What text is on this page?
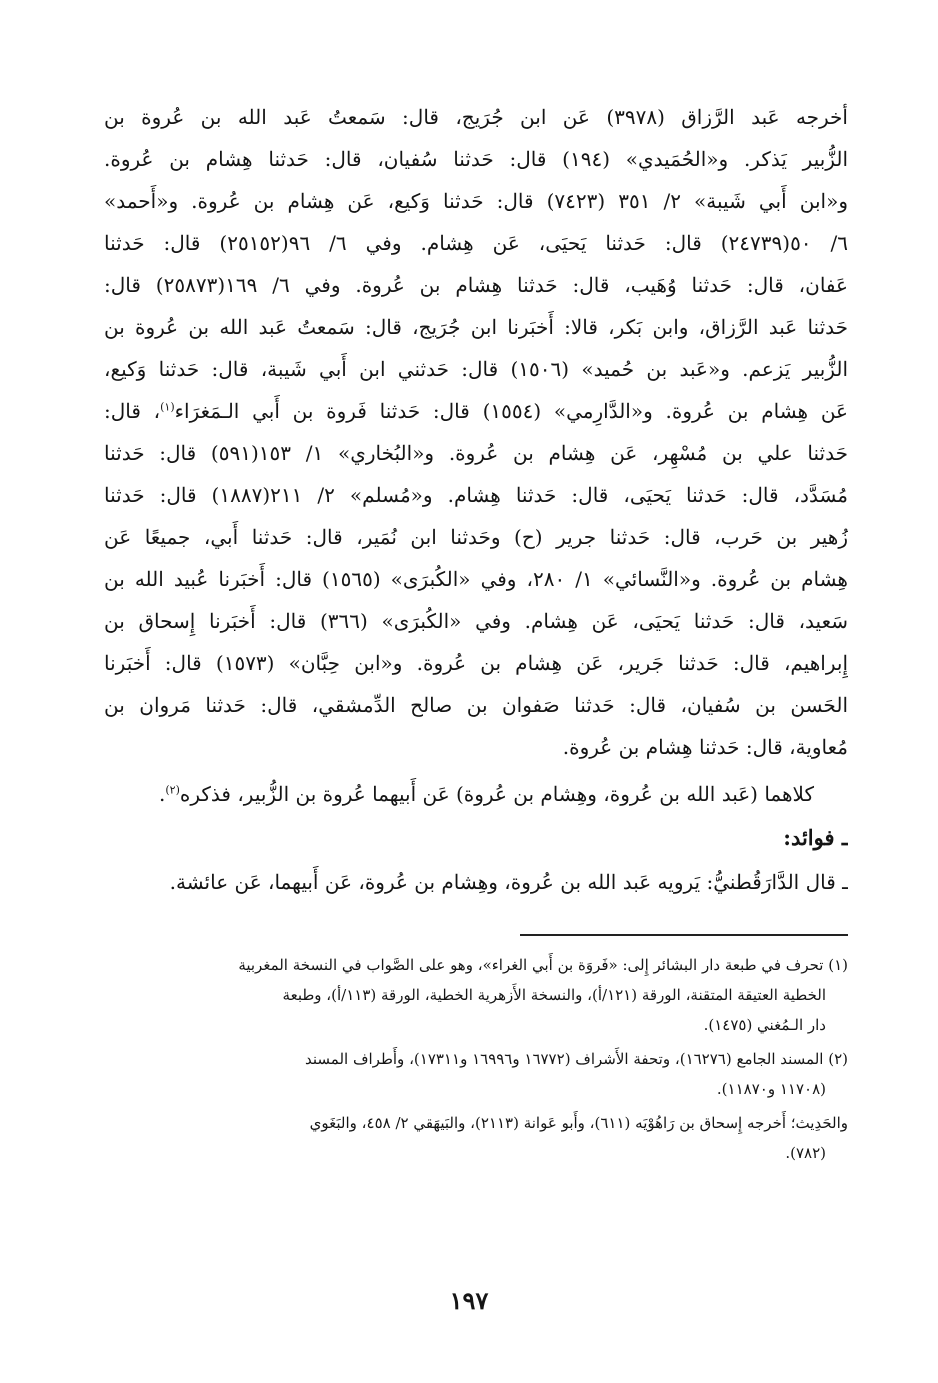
أخرجه عَبد الرَّزاق (٣٩٧٨) عَن ابن جُرَيج، قال: سَمعتُ عَبد الله بن عُروة بن
الزُّبير يَذكر. و«الحُمَيدي» (١٩٤) قال: حَدثنا سُفيان، قال: حَدثنا هِشام بن عُروة.
و«ابن أَبي شَيبة» ٢/ ٣٥١ (٧٤٢٣) قال: حَدثنا وَكيع، عَن هِشام بن عُروة. و«أَحمد»
٦/ ٥٠(٢٤٧٣٩) قال: حَدثنا يَحيَى، عَن هِشام. وفي ٦/ ٩٦(٢٥١٥٢) قال: حَدثنا
عَفان، قال: حَدثنا وُهَيب، قال: حَدثنا هِشام بن عُروة. وفي ٦/ ١٦٩(٢٥٨٧٣) قال:
حَدثنا عَبد الرَّزاق، وابن بَكر، قالا: أَخبَرنا ابن جُرَيج، قال: سَمعتُ عَبد الله بن عُروة بن
الزُّبير يَزعم. و«عَبد بن حُميد» (١٥٠٦) قال: حَدثني ابن أَبي شَيبة، قال: حَدثنا وَكيع،
عَن هِشام بن عُروة. و«الدَّارِمي» (١٥٥٤) قال: حَدثنا فَروة بن أَبي الـمَغرَاء$^{(١)}$، قال:
حَدثنا علي بن مُسْهِر، عَن هِشام بن عُروة. و«البُخاري» ١/ ١٥٣(٥٩١) قال: حَدثنا
مُسَدَّد، قال: حَدثنا يَحيَى، قال: حَدثنا هِشام. و«مُسلم» ٢/ ٢١١(١٨٨٧) قال: حَدثنا
زُهير بن حَرب، قال: حَدثنا جرير (ح) وحَدثنا ابن نُمَير، قال: حَدثنا أَبي، جميعًا عَن
هِشام بن عُروة. و«النَّسائي» ١/ ٢٨٠، وفي «الكُبرَى» (١٥٦٥) قال: أَخبَرنا عُبيد الله بن
سَعيد، قال: حَدثنا يَحيَى، عَن هِشام. وفي «الكُبرَى» (٣٦٦) قال: أَخبَرنا إِسحاق بن
إِبراهيم، قال: حَدثنا جَرير، عَن هِشام بن عُروة. و«ابن حِبَّان» (١٥٧٣) قال: أَخبَرنا
الحَسن بن سُفيان، قال: حَدثنا صَفوان بن صالح الدِّمشقي، قال: حَدثنا مَروان بن
مُعاوية، قال: حَدثنا هِشام بن عُروة.
كلاهما (عَبد الله بن عُروة، وهِشام بن عُروة) عَن أَبيهما عُروة بن الزُّبير، فذكره$^{(٢)}$.
ـ فوائد:
ـ قال الدَّارَقُطنيُّ: يَرويه عَبد الله بن عُروة، وهِشام بن عُروة، عَن أَبيهما، عَن عائشة.
(١) تحرف في طبعة دار البشائر إِلى: «فَروَة بن أَبي الغراء»، وهو على الصَّواب في النسخة المغربية
الخطية العتيقة المتقنة، الورقة (١٢١/أ)، والنسخة الأَزهرية الخطية، الورقة (١١٣/أ)، وطبعة
دار الـمُغني (١٤٧٥).
(٢) المسند الجامع (١٦٢٧٦)، وتحفة الأَشراف (١٦٧٧٢ و١٦٩٩٦ و١٧٣١١)، وأَطراف المسند
(١١٧٠٨ و١١٨٧٠).
والحَدِيث؛ أَخرجه إِسحاق بن رَاهُوْيَه (٦١١)، وأَبو عَوانة (٢١١٣)، والبَيهَقي ٢/ ٤٥٨، والبَغَوي
(٧٨٢).
١٩٧
